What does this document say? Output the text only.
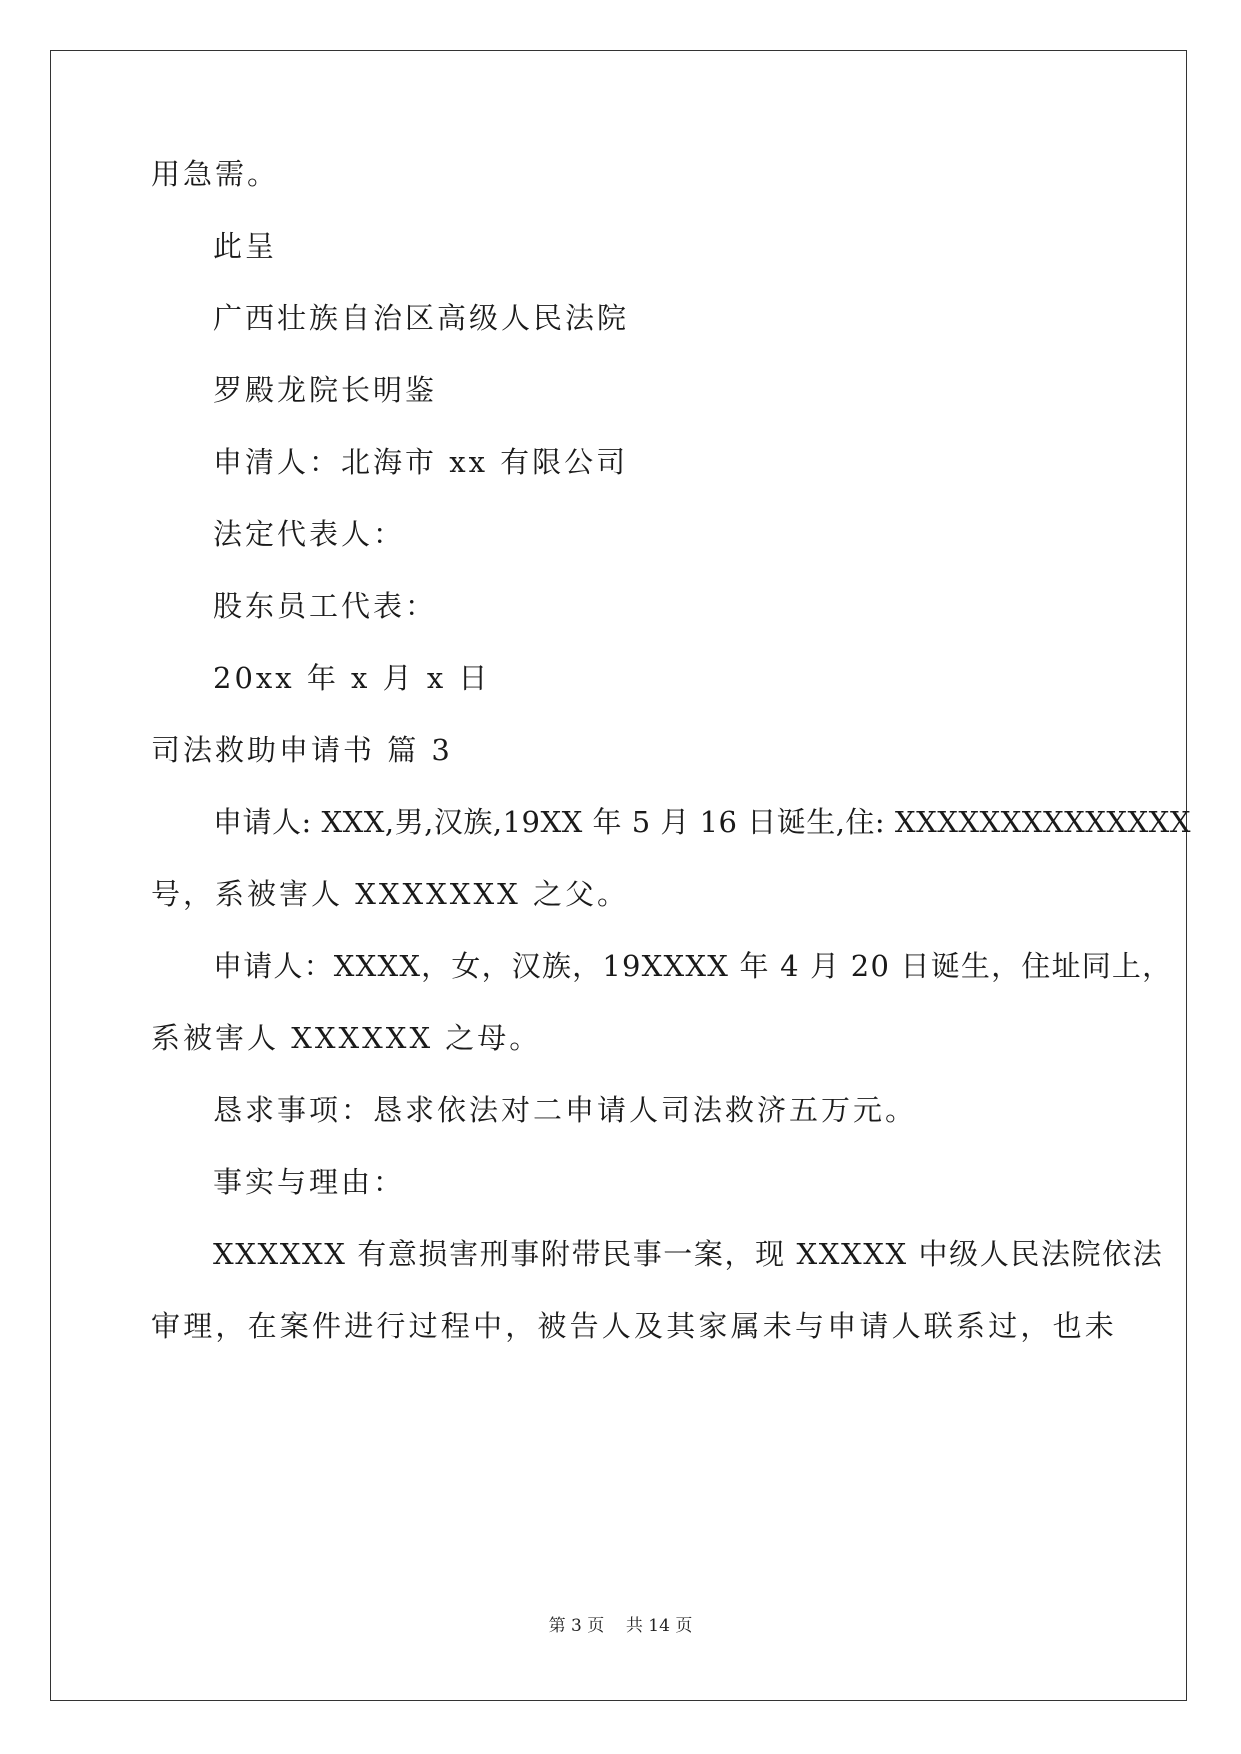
用急需。
此呈
广西壮族自治区高级人民法院
罗殿龙院长明鉴
申清人：北海市 xx 有限公司
法定代表人：
股东员工代表：
20xx 年 x 月 x 日
司法救助申请书 篇 3
申请人: XXX,男,汉族,19XX 年 5 月 16 日诞生,住: XXXXXXXXXXXXXX
号，系被害人 XXXXXXX 之父。
申请人：XXXX，女，汉族，19XXXX 年 4 月 20 日诞生，住址同上，
系被害人 XXXXXX 之母。
恳求事项：恳求依法对二申请人司法救济五万元。
事实与理由：
XXXXXX 有意损害刑事附带民事一案，现 XXXXX 中级人民法院依法
审理，在案件进行过程中，被告人及其家属未与申请人联系过，也未
第 3 页    共 14 页
